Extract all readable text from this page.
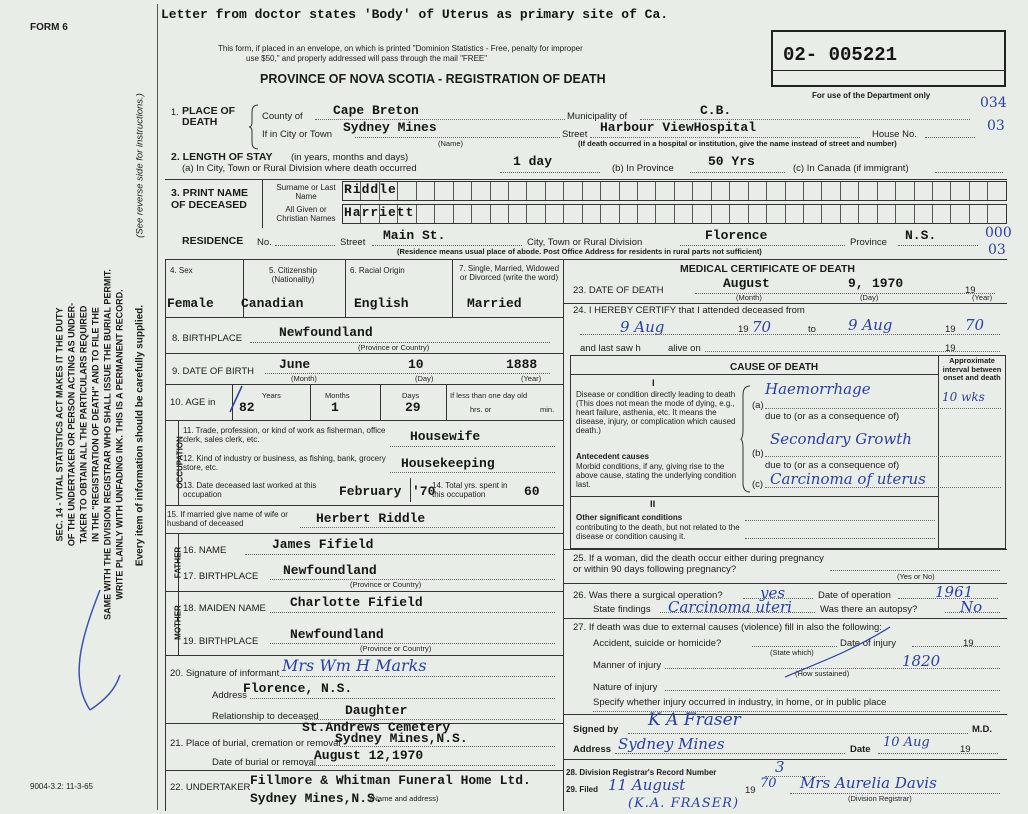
FORM 6
SEC. 14 - VITAL STATISTICS ACT MAKES IT THE DUTY OF THE UNDERTAKER OR PERSON ACTING AS UNDER- TAKER TO OBTAIN ALL THE PARTICULARS REQUIRED IN THE "REGISTRATION OF DEATH" AND TO FILE THE SAME WITH THE DIVISION REGISTRAR WHO SHALL ISSUE THE BURIAL PERMIT. WRITE PLAINLY WITH UNFADING INK. THIS IS A PERMANENT RECORD. Every item of information should be carefully supplied.
(See reverse side for instructions.)
9004-3.2: 11-3-65
Letter from doctor states 'Body' of Uterus as primary site of Ca.
This form, if placed in an envelope, on which is printed "Dominion Statistics - Free, penalty for improper
use $50," and properly addressed will pass through the mail "FREE"
PROVINCE OF NOVA SCOTIA - REGISTRATION OF DEATH
02- 005221
For use of the Department only	034
03
000
03
1. PLACE OF DEATH	County of Cape Breton	Municipality of	C.B.
If in City or Town Sydney Mines
(Name)
Street Harbour ViewHospital	House No.
(If death occurred in a hospital or institution, give the name instead of street and number)
2. LENGTH OF STAY (in years, months and days)
(a) In City, Town or Rural Division where death occurred	1 day	(b) In Province	50 Yrs	(c) In Canada (if immigrant)
3. PRINT NAME OF DECEASED
Surname or Last Name
All Given or Christian Names
Riddle
Harriett
RESIDENCE No.	Street Main St.	City, Town or Rural Division	Florence	Province N.S.
(Residence means usual place of abode. Post Office Address for residents in rural parts not sufficient)
4. Sex
Female
5. Citizenship (Nationality)
Canadian
6. Racial Origin
English
7. Single, Married, Widowed or Divorced (write the word)
Married
8. BIRTHPLACE	Newfoundland
(Province or Country)
9. DATE OF BIRTH June	10	1888
(Month)	(Day)	(Year)
10. AGE in
Years
82
Months
1
Days
29
If less than one day old
hrs. or	min.
OCCUPATION
11. Trade, profession, or kind of work as fisherman, office clerk, sales clerk, etc.	Housewife
12. Kind of industry or business, as fishing, bank, grocery store, etc.	Housekeeping
13. Date deceased last worked at this occupation	February '70
14. Total yrs. spent in this occupation	60
15. If married give name of wife or husband of deceased	Herbert Riddle
FATHER 16. NAME	James Fifield
17. BIRTHPLACE Newfoundland
(Province or Country)
MOTHER 18. MAIDEN NAME Charlotte Fifield
19. BIRTHPLACE Newfoundland
(Province or Country)
20. Signature of informant Mrs Wm H Marks
Address
Florence, N.S.
Relationship to deceased Daughter
St.Andrews Cemetery
21. Place of burial, cremation or removal
Sydney Mines,N.S.
Date of burial or removal
August 12,1970
22. UNDERTAKER Fillmore & Whitman Funeral Home Ltd.
Sydney Mines,N.S.
(Name and address)
MEDICAL CERTIFICATE OF DEATH
23. DATE OF DEATH	August	9, 1970	19
(Month)	(Day)	(Year)
24. I HEREBY CERTIFY that I attended deceased from
9 Aug	19 70	to 9 Aug	19 70
and last saw h	alive on	19
CAUSE OF DEATH
Approximate interval between onset and death
I
Disease or condition directly leading to death (This does not mean the mode of dying, e.g., heart failure, asthenia, etc. It means the disease, injury, or complication which caused death.)
Antecedent causes
Morbid conditions, if any, giving rise to the above cause, stating the underlying condition last.
(a)
Haemorrhage	10 wks
due to (or as a consequence of)
Secondary Growth
(b)
due to (or as a consequence of)
(c) Carcinoma of uterus
II
Other significant conditions
contributing to the death, but not related to the disease or condition causing it.
25. If a woman, did the death occur either during pregnancy or within 90 days following pregnancy?
(Yes or No)
26. Was there a surgical operation? yes	Date of operation	1961
State findings Carcinoma uteri	Was there an autopsy?	No
27. If death was due to external causes (violence) fill in also the following:
Accident, suicide or homicide?
(State which)
Date of injury	19
Manner of injury	1820
(How sustained)
Nature of injury
Specify whether injury occurred in industry, in home, or in public place
Signed by K A Fraser	M.D.
Address Sydney Mines	Date 10 Aug	19
28. Division Registrar's Record Number	3
29. Filed 11 August	19 70 Mrs Aurelia Davis
(Division Registrar)
(K.A. FRASER)
